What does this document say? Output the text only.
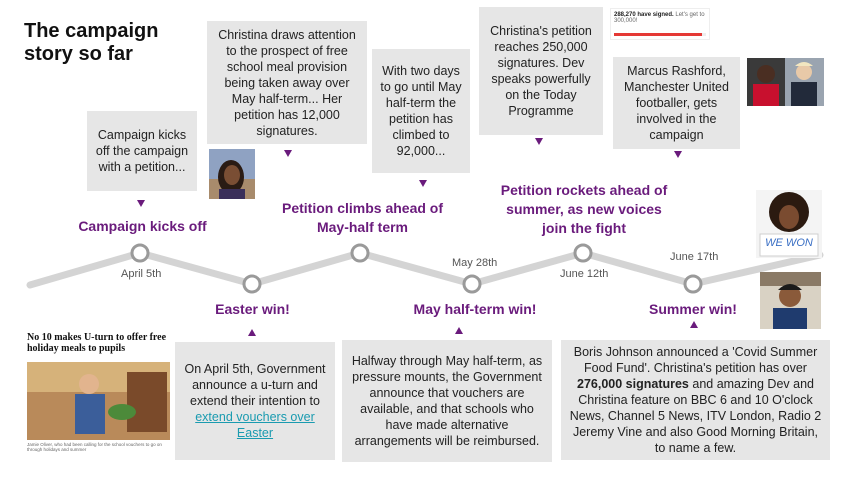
The campaign story so far
April 5th
May 28th
June 12th
June 17th
Campaign kicks off
Easter win!
Petition climbs ahead of May-half term
May half-term win!
Petition rockets ahead of summer, as new voices join the fight
Summer win!
Campaign kicks off the campaign with a petition...
Christina draws attention to the prospect of free school meal provision being taken away over May half-term... Her petition has 12,000 signatures.
With two days to go until May half-term the petition has climbed to 92,000...
Christina's petition reaches 250,000 signatures. Dev speaks powerfully on the Today Programme
Marcus Rashford, Manchester United footballer, gets involved in the campaign
On April 5th, Government announce a u-turn and extend their intention to extend vouchers over Easter
Halfway through May half-term, as pressure mounts, the Government announce that vouchers are available, and that schools who have made alternative arrangements will be reimbursed.
Boris Johnson announced a 'Covid Summer Food Fund'. Christina's petition has over 276,000 signatures and amazing Dev and Christina feature on BBC 6 and 10 O'clock News, Channel 5 News, ITV London, Radio 2 Jeremy Vine and also Good Morning Britain, to name a few.
288,270 have signed. Let's get to 300,000!
WE WON
No 10 makes U-turn to offer free holiday meals to pupils
Jamie Oliver, who had been calling for the school vouchers to go on through holidays and summer
